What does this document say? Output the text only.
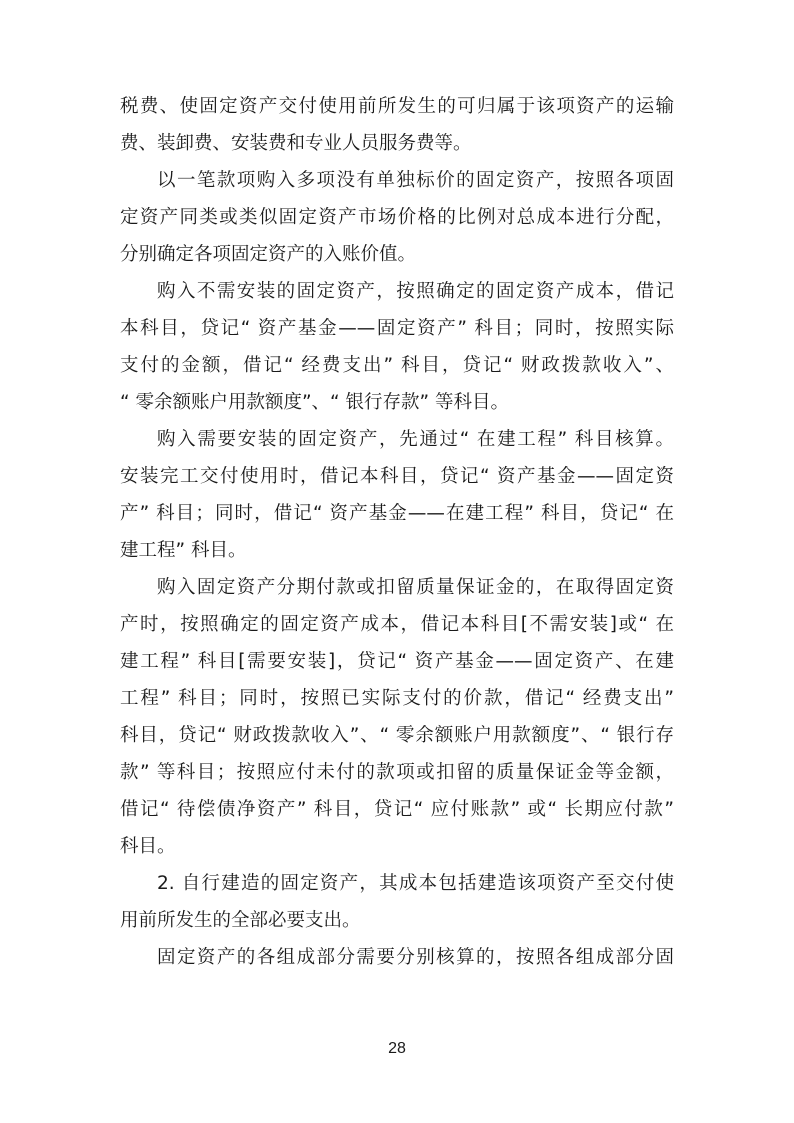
税费、使固定资产交付使用前所发生的可归属于该项资产的运输
费、装卸费、安装费和专业人员服务费等。
以一笔款项购入多项没有单独标价的固定资产，按照各项固
定资产同类或类似固定资产市场价格的比例对总成本进行分配，
分别确定各项固定资产的入账价值。
购入不需安装的固定资产，按照确定的固定资产成本，借记
本科目，贷记“ 资产基金——固定资产” 科目；同时，按照实际
支付的金额，借记“ 经费支出” 科目，贷记“ 财政拨款收入”、
“ 零余额账户用款额度”、“ 银行存款” 等科目。
购入需要安装的固定资产，先通过“ 在建工程” 科目核算。
安装完工交付使用时，借记本科目，贷记“ 资产基金——固定资
产” 科目；同时，借记“ 资产基金——在建工程” 科目，贷记“ 在
建工程” 科目。
购入固定资产分期付款或扣留质量保证金的，在取得固定资
产时，按照确定的固定资产成本，借记本科目[不需安装]或“ 在
建工程” 科目[需要安装]，贷记“ 资产基金——固定资产、在建
工程” 科目；同时，按照已实际支付的价款，借记“ 经费支出”
科目，贷记“ 财政拨款收入”、“ 零余额账户用款额度”、“ 银行存
款” 等科目；按照应付未付的款项或扣留的质量保证金等金额，
借记“ 待偿债净资产” 科目，贷记“ 应付账款” 或“ 长期应付款”
科目。
2. 自行建造的固定资产，其成本包括建造该项资产至交付使
用前所发生的全部必要支出。
固定资产的各组成部分需要分别核算的，按照各组成部分固
28
